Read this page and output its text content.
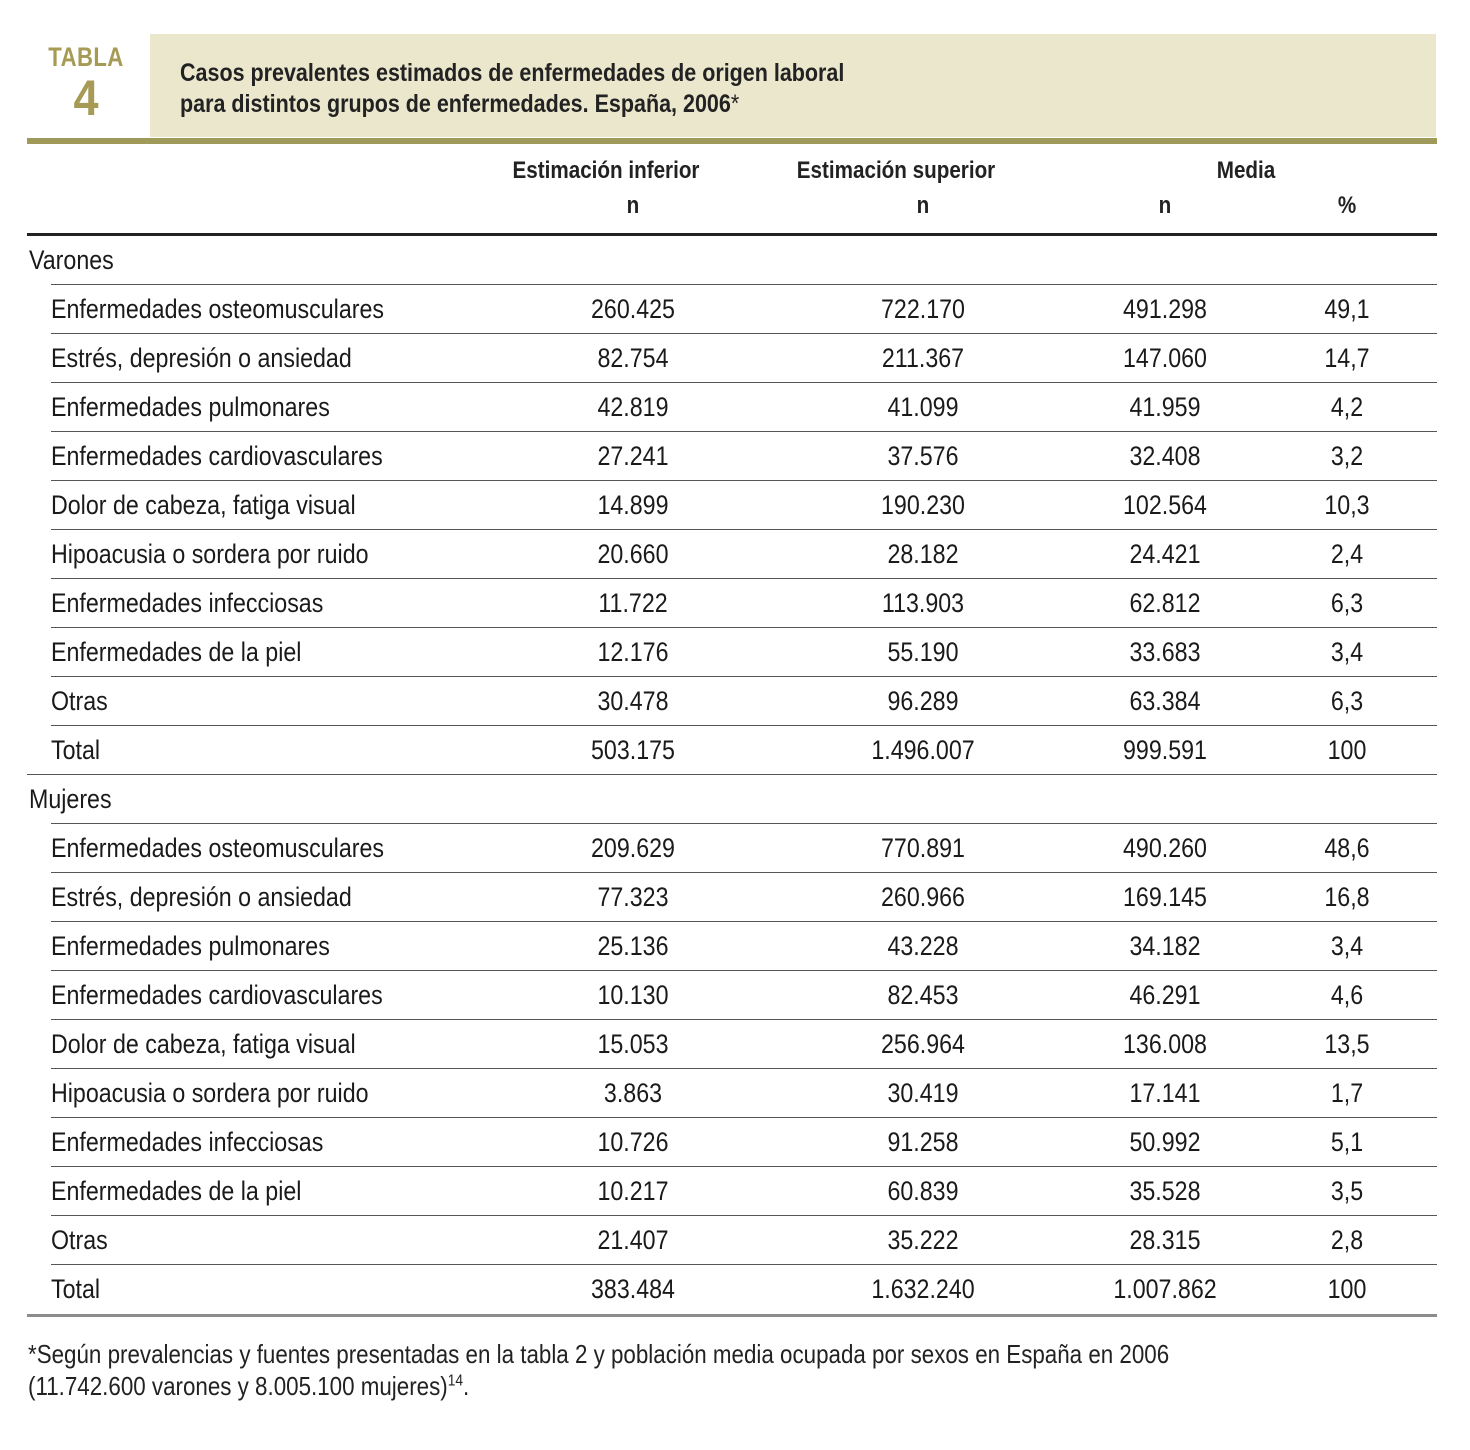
TABLA
4	Casos prevalentes estimados de enfermedades de origen laboral
para distintos grupos de enfermedades. España, 2006*
Estimación inferior	Estimación superior	Media
n	n	n	%
Varones
Enfermedades osteomusculares	260.425	722.170	491.298	49,1
Estrés, depresión o ansiedad	82.754	211.367	147.060	14,7
Enfermedades pulmonares	42.819	41.099	41.959	4,2
Enfermedades cardiovasculares	27.241	37.576	32.408	3,2
Dolor de cabeza, fatiga visual	14.899	190.230	102.564	10,3
Hipoacusia o sordera por ruido	20.660	28.182	24.421	2,4
Enfermedades infecciosas	11.722	113.903	62.812	6,3
Enfermedades de la piel	12.176	55.190	33.683	3,4
Otras	30.478	96.289	63.384	6,3
Total	503.175	1.496.007	999.591	100
Mujeres
Enfermedades osteomusculares	209.629	770.891	490.260	48,6
Estrés, depresión o ansiedad	77.323	260.966	169.145	16,8
Enfermedades pulmonares	25.136	43.228	34.182	3,4
Enfermedades cardiovasculares	10.130	82.453	46.291	4,6
Dolor de cabeza, fatiga visual	15.053	256.964	136.008	13,5
Hipoacusia o sordera por ruido	3.863	30.419	17.141	1,7
Enfermedades infecciosas	10.726	91.258	50.992	5,1
Enfermedades de la piel	10.217	60.839	35.528	3,5
Otras	21.407	35.222	28.315	2,8
Total	383.484	1.632.240	1.007.862	100
*Según prevalencias y fuentes presentadas en la tabla 2 y población media ocupada por sexos en España en 2006
(11.742.600 varones y 8.005.100 mujeres)$^{14}$.
